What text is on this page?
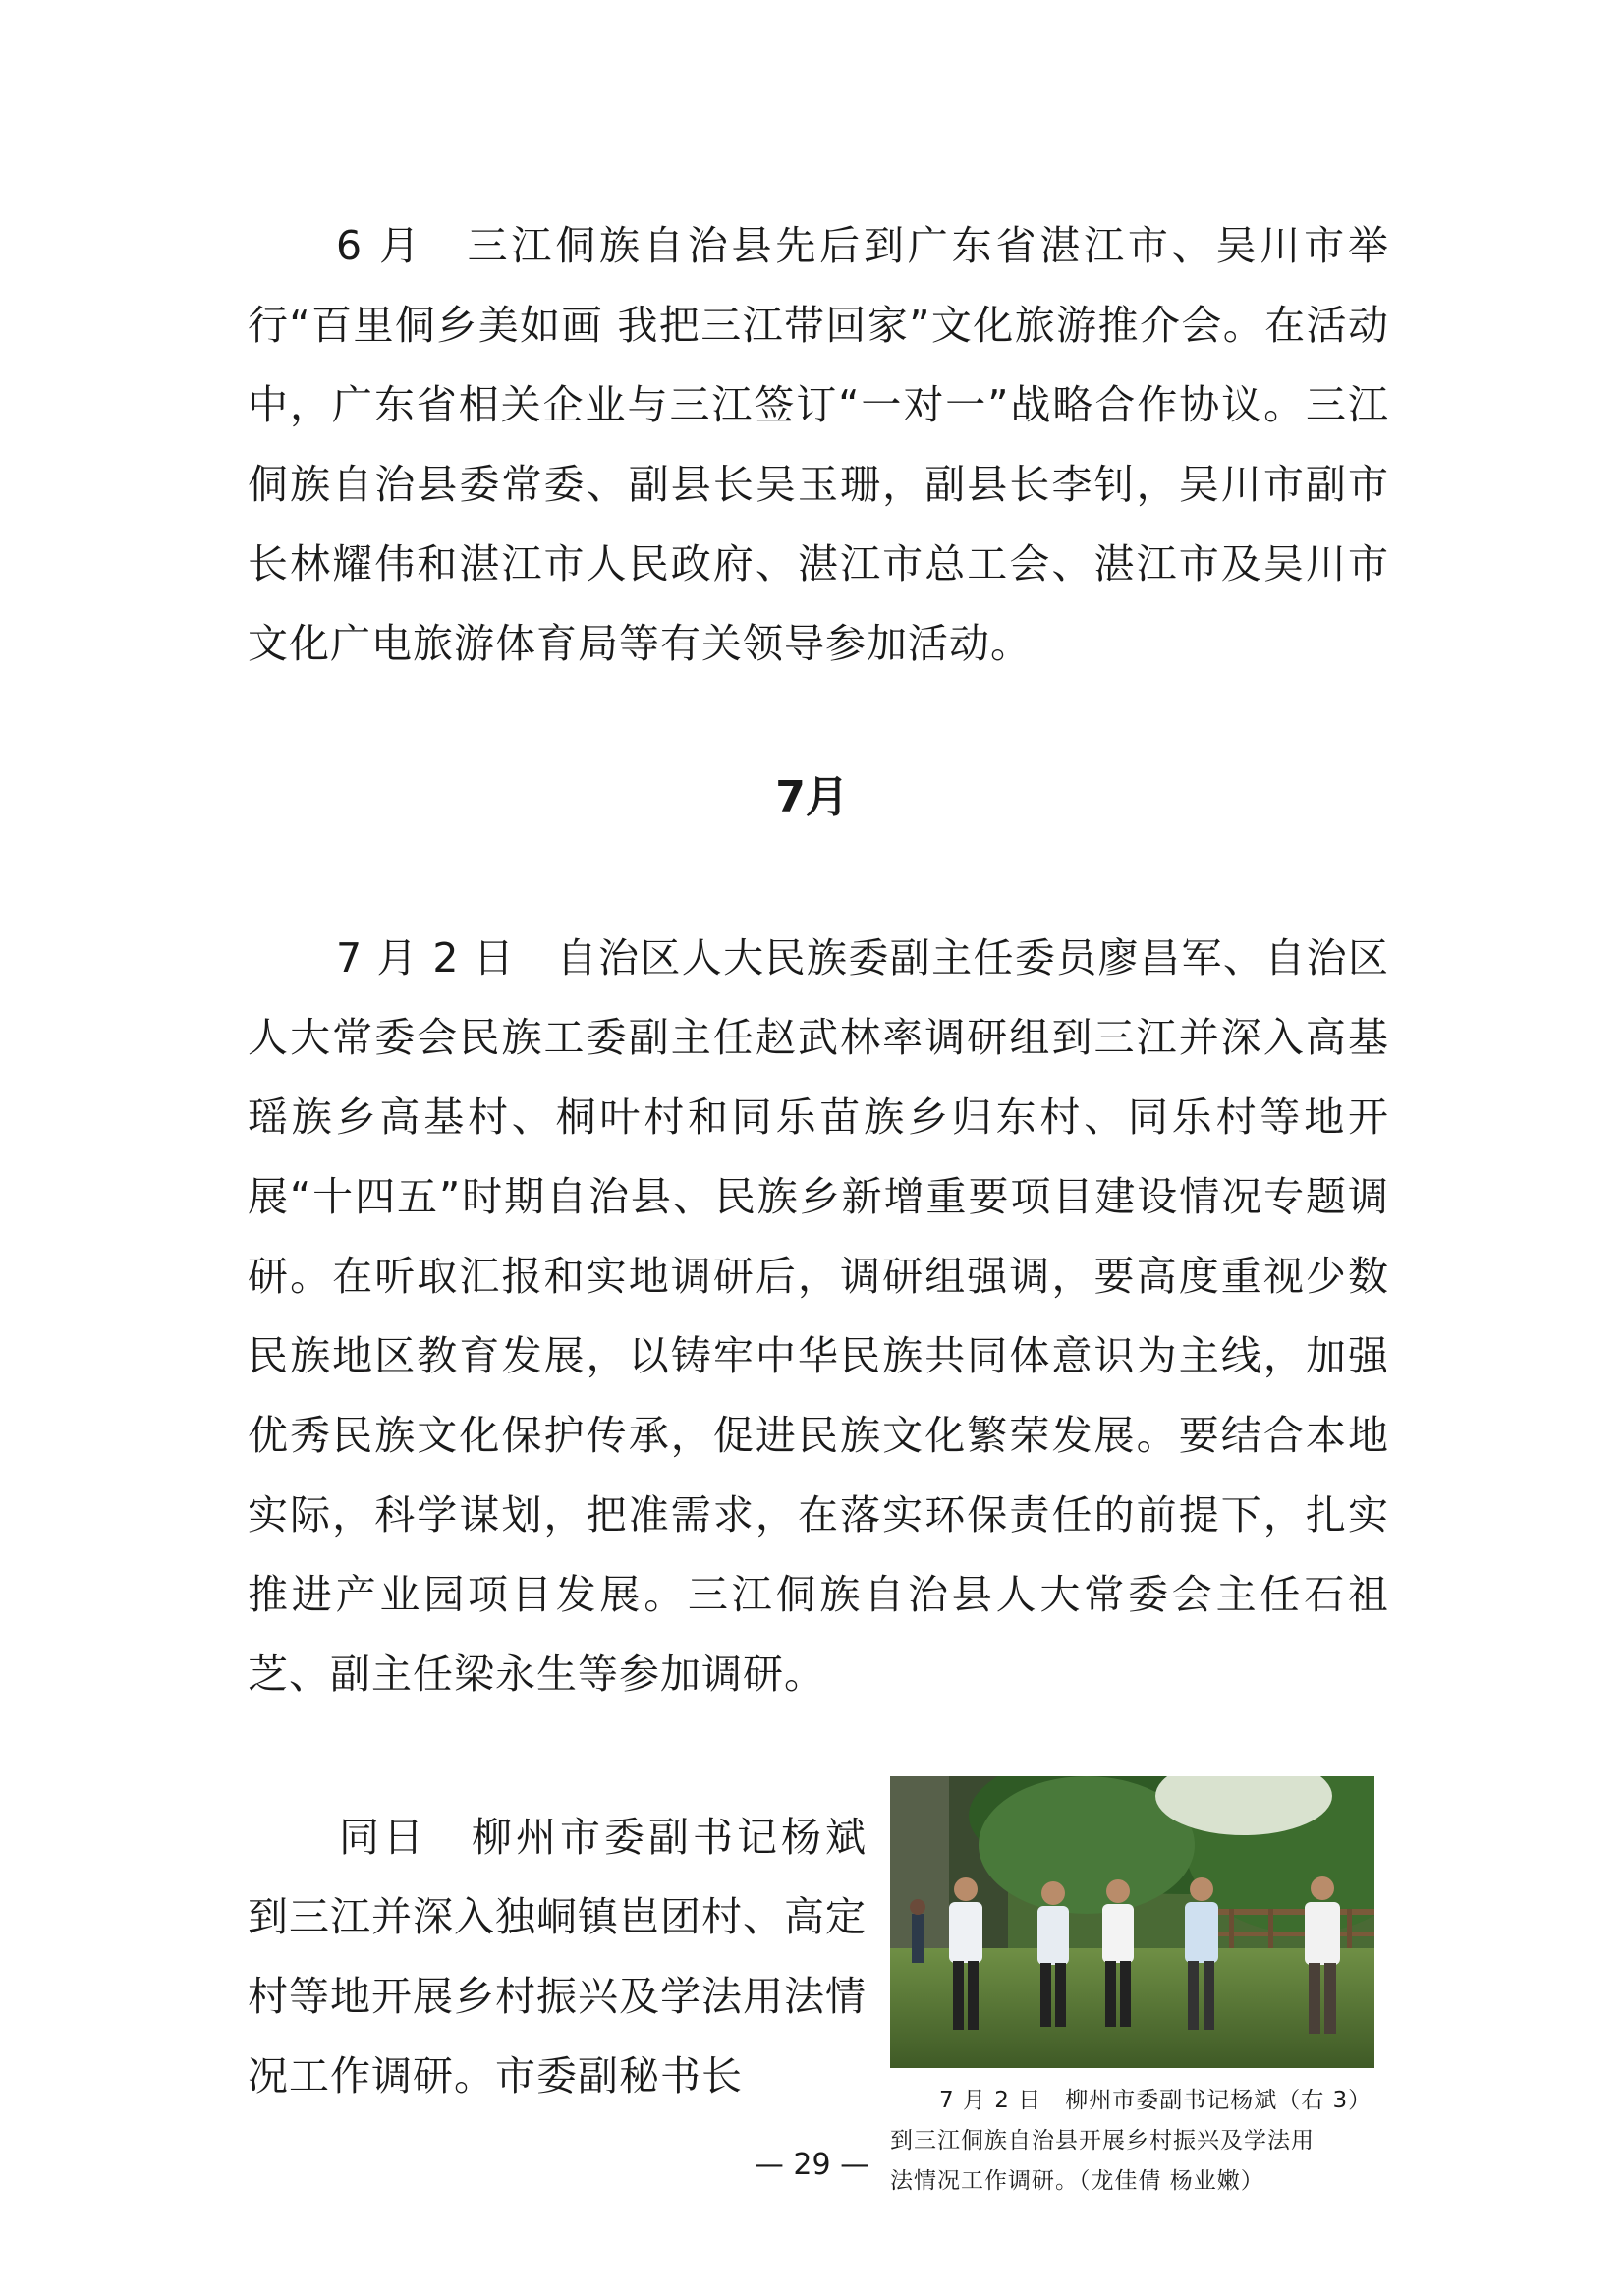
6 月　 三江侗族自治县先后到广东省湛江市、吴川市举行“百里侗乡美如画 我把三江带回家”文化旅游推介会。在活动中，广东省相关企业与三江签订“一对一”战略合作协议。三江侗族自治县委常委、副县长吴玉珊，副县长李钊，吴川市副市长林耀伟和湛江市人民政府、湛江市总工会、湛江市及吴川市文化广电旅游体育局等有关领导参加活动。

7月

7 月 2 日　 自治区人大民族委副主任委员廖昌军、自治区人大常委会民族工委副主任赵武林率调研组到三江并深入高基瑶族乡高基村、桐叶村和同乐苗族乡归东村、同乐村等地开展“十四五”时期自治县、民族乡新增重要项目建设情况专题调研。在听取汇报和实地调研后，调研组强调，要高度重视少数民族地区教育发展，以铸牢中华民族共同体意识为主线，加强优秀民族文化保护传承，促进民族文化繁荣发展。要结合本地实际，科学谋划，把准需求，在落实环保责任的前提下，扎实推进产业园项目发展。三江侗族自治县人大常委会主任石祖芝、副主任梁永生等参加调研。

同日　 柳州市委副书记杨斌到三江并深入独峒镇岜团村、高定村等地开展乡村振兴及学法用法情况工作调研。市委副秘书长

7 月 2 日　柳州市委副书记杨斌（右 3）
到三江侗族自治县开展乡村振兴及学法用
法情况工作调研。（龙佳倩 杨业嫩）
— 29 —
